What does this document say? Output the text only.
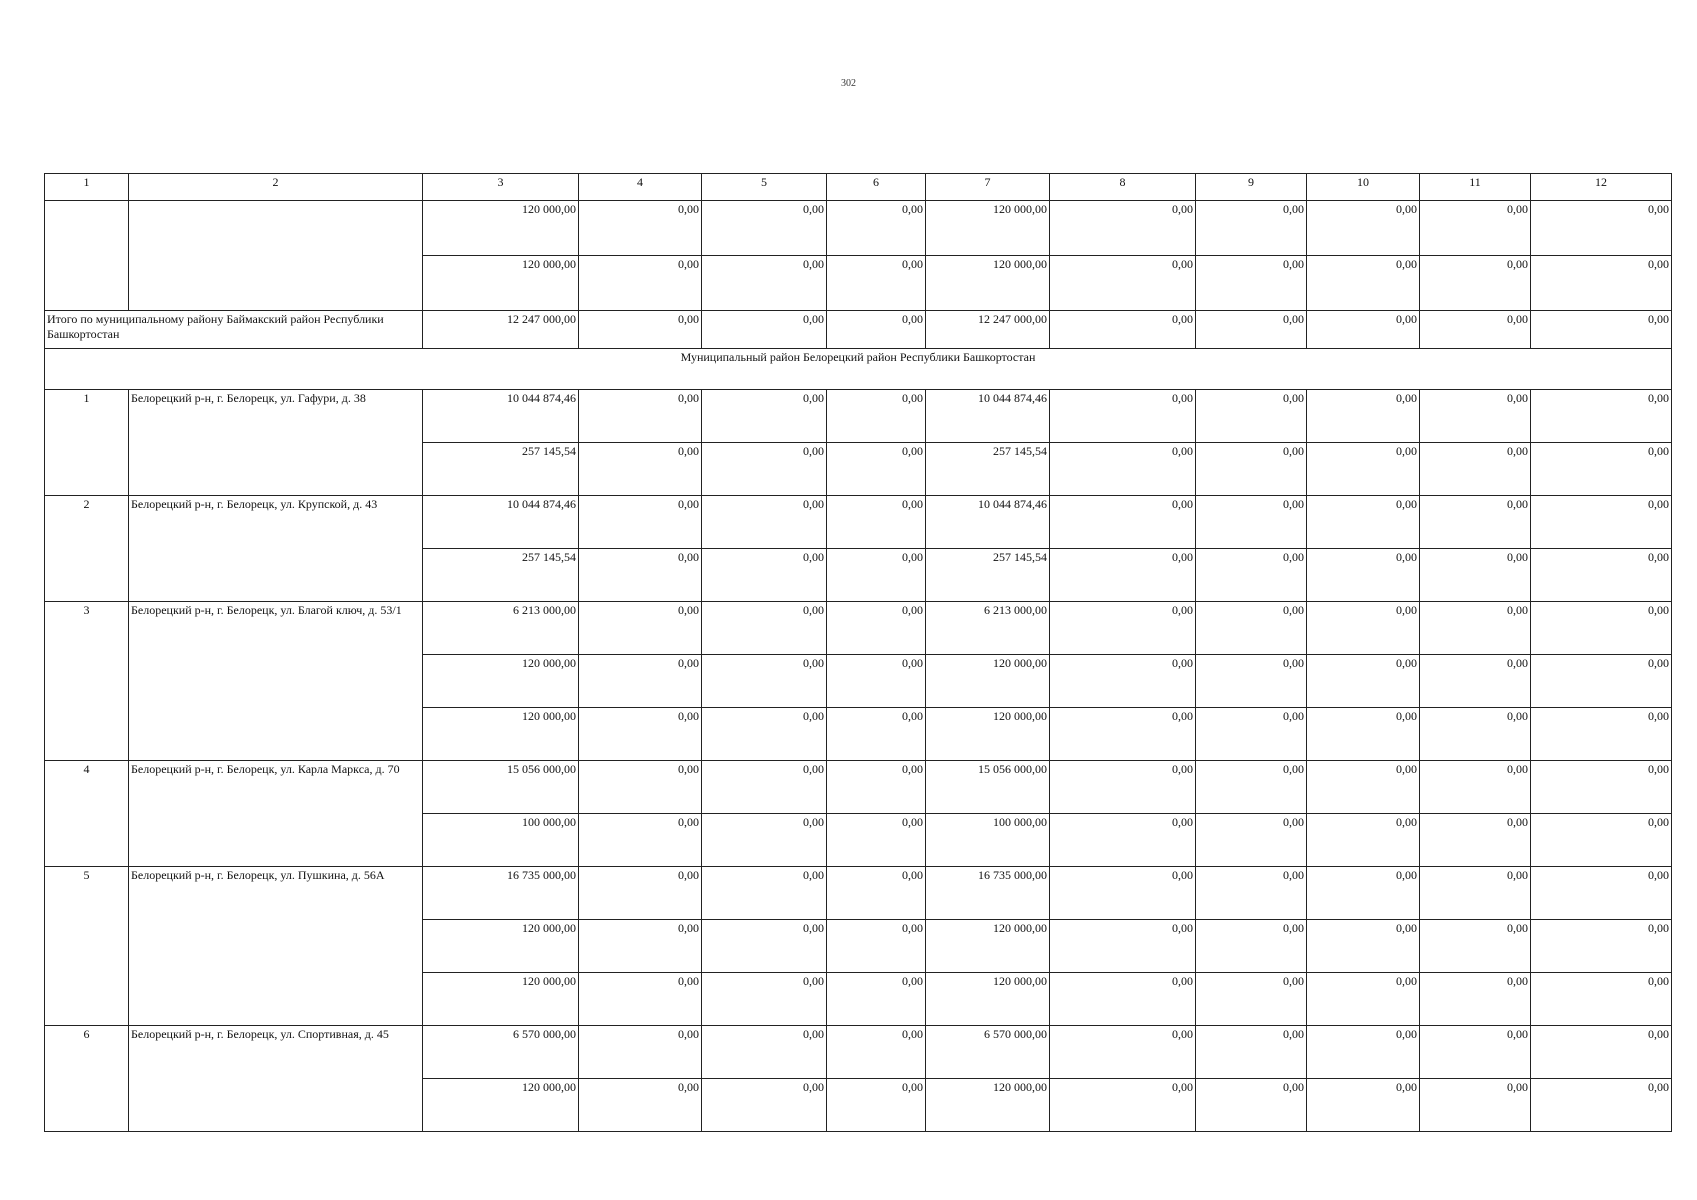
302
1	2	3	4	5	6	7	8	9	10	11	12
		120 000,00	0,00	0,00	0,00	120 000,00	0,00	0,00	0,00	0,00	0,00
		120 000,00	0,00	0,00	0,00	120 000,00	0,00	0,00	0,00	0,00	0,00
Итого по муниципальному району Баймакский район Республики Башкортостан		12 247 000,00	0,00	0,00	0,00	12 247 000,00	0,00	0,00	0,00	0,00	0,00
Муниципальный район Белорецкий район Республики Башкортостан											
1	Белорецкий р-н, г. Белорецк, ул. Гафури, д. 38	10 044 874,46	0,00	0,00	0,00	10 044 874,46	0,00	0,00	0,00	0,00	0,00
		257 145,54	0,00	0,00	0,00	257 145,54	0,00	0,00	0,00	0,00	0,00
2	Белорецкий р-н, г. Белорецк, ул. Крупской, д. 43	10 044 874,46	0,00	0,00	0,00	10 044 874,46	0,00	0,00	0,00	0,00	0,00
		257 145,54	0,00	0,00	0,00	257 145,54	0,00	0,00	0,00	0,00	0,00
3	Белорецкий р-н, г. Белорецк, ул. Благой ключ, д. 53/1	6 213 000,00	0,00	0,00	0,00	6 213 000,00	0,00	0,00	0,00	0,00	0,00
		120 000,00	0,00	0,00	0,00	120 000,00	0,00	0,00	0,00	0,00	0,00
		120 000,00	0,00	0,00	0,00	120 000,00	0,00	0,00	0,00	0,00	0,00
4	Белорецкий р-н, г. Белорецк, ул. Карла Маркса, д. 70	15 056 000,00	0,00	0,00	0,00	15 056 000,00	0,00	0,00	0,00	0,00	0,00
		100 000,00	0,00	0,00	0,00	100 000,00	0,00	0,00	0,00	0,00	0,00
5	Белорецкий р-н, г. Белорецк, ул. Пушкина, д. 56А	16 735 000,00	0,00	0,00	0,00	16 735 000,00	0,00	0,00	0,00	0,00	0,00
		120 000,00	0,00	0,00	0,00	120 000,00	0,00	0,00	0,00	0,00	0,00
		120 000,00	0,00	0,00	0,00	120 000,00	0,00	0,00	0,00	0,00	0,00
6	Белорецкий р-н, г. Белорецк, ул. Спортивная, д. 45	6 570 000,00	0,00	0,00	0,00	6 570 000,00	0,00	0,00	0,00	0,00	0,00
		120 000,00	0,00	0,00	0,00	120 000,00	0,00	0,00	0,00	0,00	0,00
